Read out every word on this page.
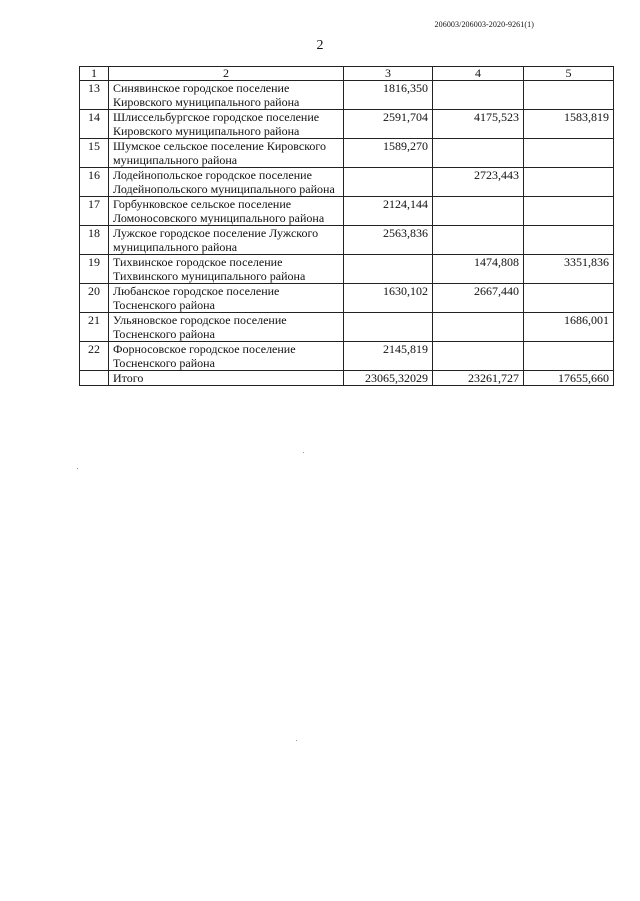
206003/206003-2020-9261(1)
2
1	2	3	4	5
13	Синявинское городское поселение Кировского муниципального района	1816,350		
14	Шлиссельбургское городское поселение Кировского муниципального района	2591,704	4175,523	1583,819
15	Шумское сельское поселение Кировского муниципального района	1589,270		
16	Лодейнопольское городское поселение Лодейнопольского муниципального района		2723,443	
17	Горбунковское сельское поселение Ломоносовского муниципального района	2124,144		
18	Лужское городское поселение Лужского муниципального района	2563,836		
19	Тихвинское городское поселение Тихвинского муниципального района		1474,808	3351,836
20	Любанское городское поселение Тосненского района	1630,102	2667,440	
21	Ульяновское городское поселение Тосненского района			1686,001
22	Форносовское городское поселение Тосненского района	2145,819		
	Итого	23065,32029	23261,727	17655,660
